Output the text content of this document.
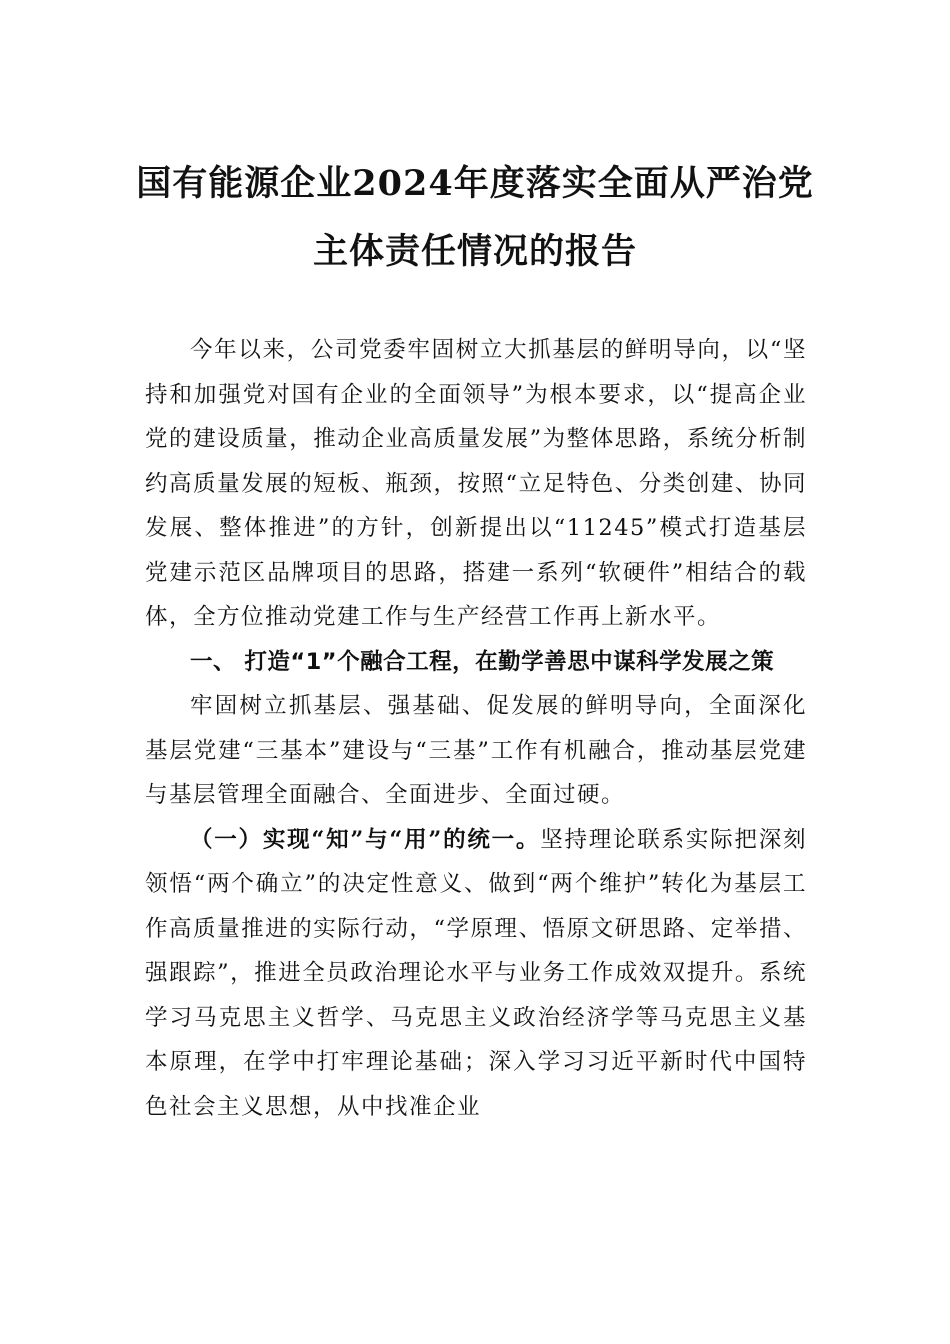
国有能源企业2024年度落实全面从严治党
主体责任情况的报告

今年以来，公司党委牢固树立大抓基层的鲜明导向，以“坚持和加强党对国有企业的全面领导”为根本要求，以“提高企业党的建设质量，推动企业高质量发展”为整体思路，系统分析制约高质量发展的短板、瓶颈，按照“立足特色、分类创建、协同发展、整体推进”的方针，创新提出以“11245”模式打造基层党建示范区品牌项目的思路，搭建一系列“软硬件”相结合的载体，全方位推动党建工作与生产经营工作再上新水平。

一、 打造“1”个融合工程，在勤学善思中谋科学发展之策

牢固树立抓基层、强基础、促发展的鲜明导向，全面深化基层党建“三基本”建设与“三基”工作有机融合，推动基层党建与基层管理全面融合、全面进步、全面过硬。

（一）实现“知”与“用”的统一。坚持理论联系实际把深刻领悟“两个确立”的决定性意义、做到“两个维护”转化为基层工作高质量推进的实际行动，“学原理、悟原文研思路、定举措、强跟踪”，推进全员政治理论水平与业务工作成效双提升。系统学习马克思主义哲学、马克思主义政治经济学等马克思主义基本原理，在学中打牢理论基础；深入学习习近平新时代中国特色社会主义思想，从中找准企业
